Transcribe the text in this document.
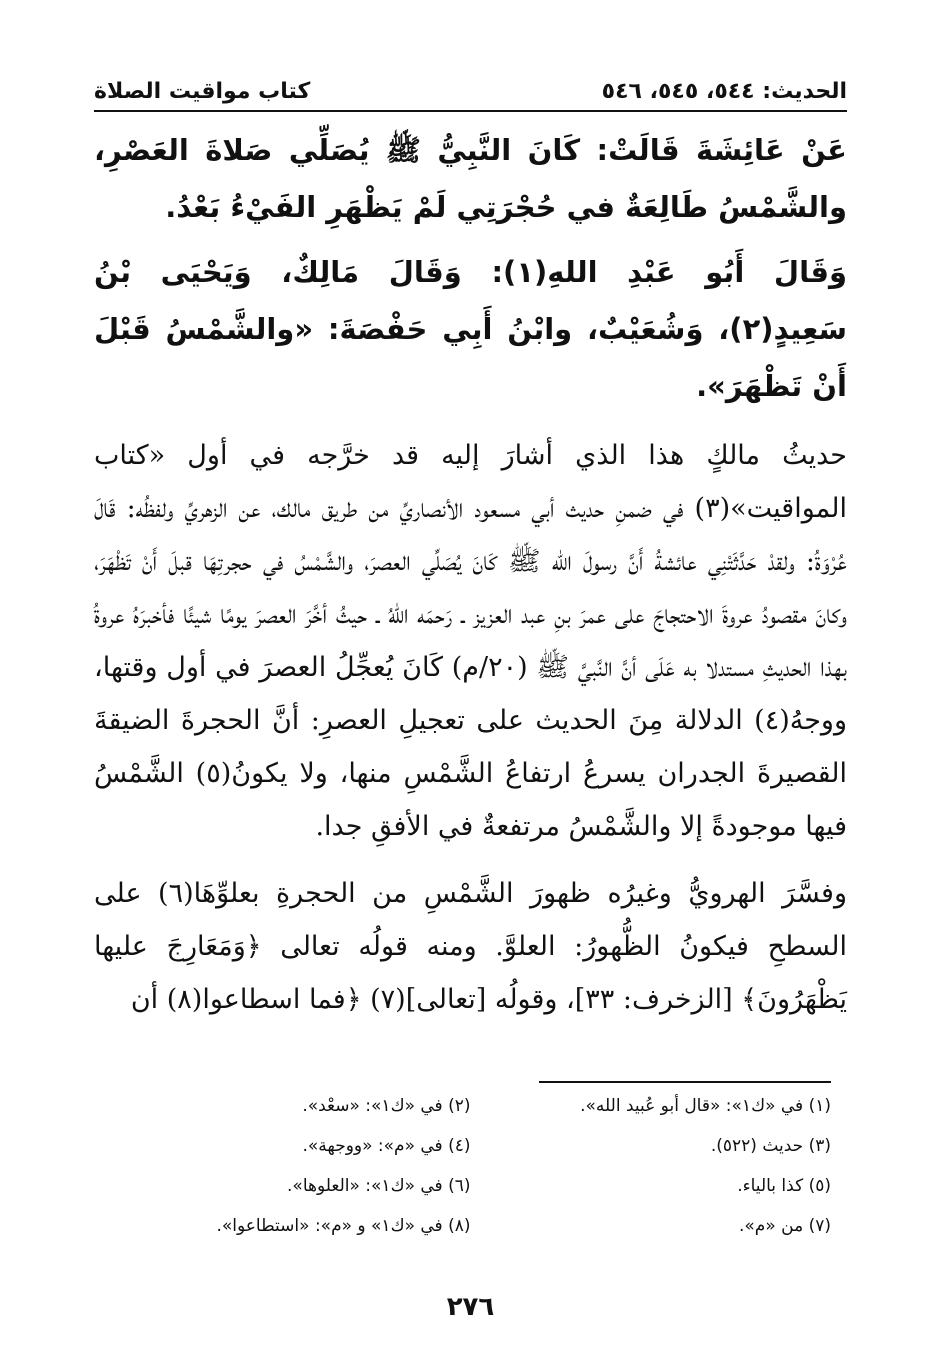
الحديث: ٥٤٤، ٥٤٥، ٥٤٦
كتاب مواقيت الصلاة

عَنْ عَائِشَةَ قَالَتْ: كَانَ النَّبِيُّ ﷺ يُصَلِّي صَلاةَ العَصْرِ، والشَّمْسُ طَالِعَةٌ في حُجْرَتِي لَمْ يَظْهَرِ الفَيْءُ بَعْدُ.

وَقَالَ أَبُو عَبْدِ اللهِ(١): وَقَالَ مَالِكٌ، وَيَحْيَى بْنُ سَعِيدٍ(٢)، وَشُعَيْبٌ، وابْنُ أَبِي حَفْصَةَ: «والشَّمْسُ قَبْلَ أَنْ تَظْهَرَ».

حديثُ مالكٍ هذا الذي أشارَ إليه قد خرَّجه في أول «كتاب المواقيت»(٣) في ضمنِ حديث أبي مسعود الأنصاريِّ من طريق مالك، عن الزهريِّ ولفظُه: قَالَ عُرْوَةُ: ولقدْ حَدَّثَتْنِي عائشةُ أَنَّ رسولَ الله ﷺ كَانَ يُصَلِّي العصرَ، والشَّمْسُ في حجرتِهَا قبلَ أَنْ تَظْهَرَ، وكانَ مقصودُ عروةَ الاحتجاجَ على عمرَ بنِ عبد العزيز ـ رَحمَه اللهُ ـ حيثُ أخَّرَ العصرَ يومًا شيئًا فأخبرَهُ عروةُ بهذا الحديثِ مستدلا به عَلَى أنَّ النَّبيَّ ﷺ (٢٠/م) كَانَ يُعجِّلُ العصرَ في أول وقتها، ووجهُ(٤) الدلالة مِنَ الحديث على تعجيلِ العصرِ: أنَّ الحجرةَ الضيقةَ القصيرةَ الجدران يسرعُ ارتفاعُ الشَّمْسِ منها، ولا يكونُ(٥) الشَّمْسُ فيها موجودةً إلا والشَّمْسُ مرتفعةٌ في الأفقِ جدا.

وفسَّرَ الهرويُّ وغيرُه ظهورَ الشَّمْسِ من الحجرةِ بعلوِّهَا(٦) على السطحِ فيكونُ الظُّهورُ: العلوَّ. ومنه قولُه تعالى ﴿وَمَعَارِجَ عليها يَظْهَرُونَ﴾ [الزخرف: ٣٣]، وقولُه [تعالى](٧) ﴿فما اسطاعوا(٨) أن

(١) في «ك١»: «قال أبو عُبيد الله».
(٢) في «ك١»: «سعْد».
(٣) حديث (٥٢٢).
(٤) في «م»: «ووجهة».
(٥) كذا بالياء.
(٦) في «ك١»: «العلوها».
(٧) من «م».
(٨) في «ك١» و «م»: «استطاعوا».
٢٧٦
